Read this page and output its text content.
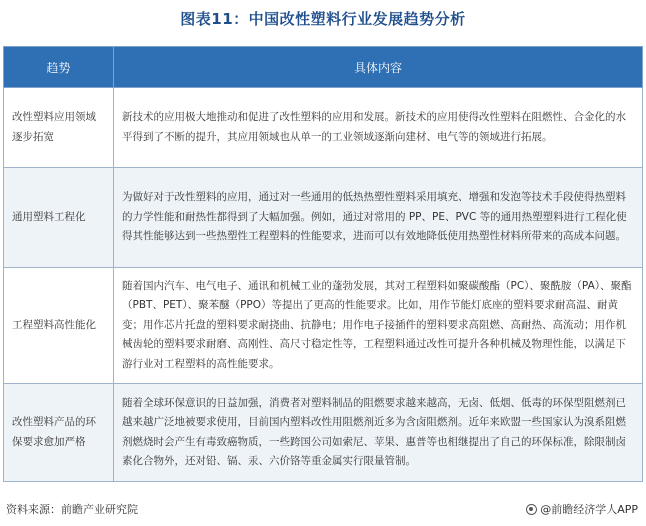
图表11：中国改性塑料行业发展趋势分析
趋势	具体内容
改性塑料应用领域逐步拓宽	新技术的应用极大地推动和促进了改性塑料的应用和发展。新技术的应用使得改性塑料在阻燃性、合金化的水平得到了不断的提升，其应用领域也从单一的工业领域逐渐向建材、电气等的领域进行拓展。
通用塑料工程化	为做好对于改性塑料的应用，通过对一些通用的低热热塑性塑料采用填充、增强和发泡等技术手段使得热塑料的力学性能和耐热性都得到了大幅加强。例如，通过对常用的 PP、PE、PVC 等的通用热塑塑料进行工程化使得其性能够达到一些热塑性工程塑料的性能要求，进而可以有效地降低使用热塑性材料所带来的高成本问题。
工程塑料高性能化	随着国内汽车、电气电子、通讯和机械工业的蓬勃发展，其对工程塑料如聚碳酸酯（PC）、聚酰胺（PA）、聚酯（PBT、PET）、聚苯醚（PPO）等提出了更高的性能要求。比如，用作节能灯底座的塑料要求耐高温、耐黄变；用作芯片托盘的塑料要求耐挠曲、抗静电；用作电子接插件的塑料要求高阻燃、高耐热、高流动；用作机械齿轮的塑料要求耐磨、高刚性、高尺寸稳定性等，工程塑料通过改性可提升各种机械及物理性能，以满足下游行业对工程塑料的高性能要求。
改性塑料产品的环保要求愈加严格	随着全球环保意识的日益加强，消费者对塑料制品的阻燃要求越来越高，无卤、低烟、低毒的环保型阻燃剂已越来越广泛地被要求使用，目前国内塑料改性用阻燃剂近多为含卤阻燃剂。近年来欧盟一些国家认为溴系阻燃剂燃烧时会产生有毒致癌物质，一些跨国公司如索尼、苹果、惠普等也相继提出了自己的环保标准，除限制卤素化合物外，还对铅、镉、汞、六价铬等重金属实行限量管制。
资料来源：前瞻产业研究院	@前瞻经济学人APP
